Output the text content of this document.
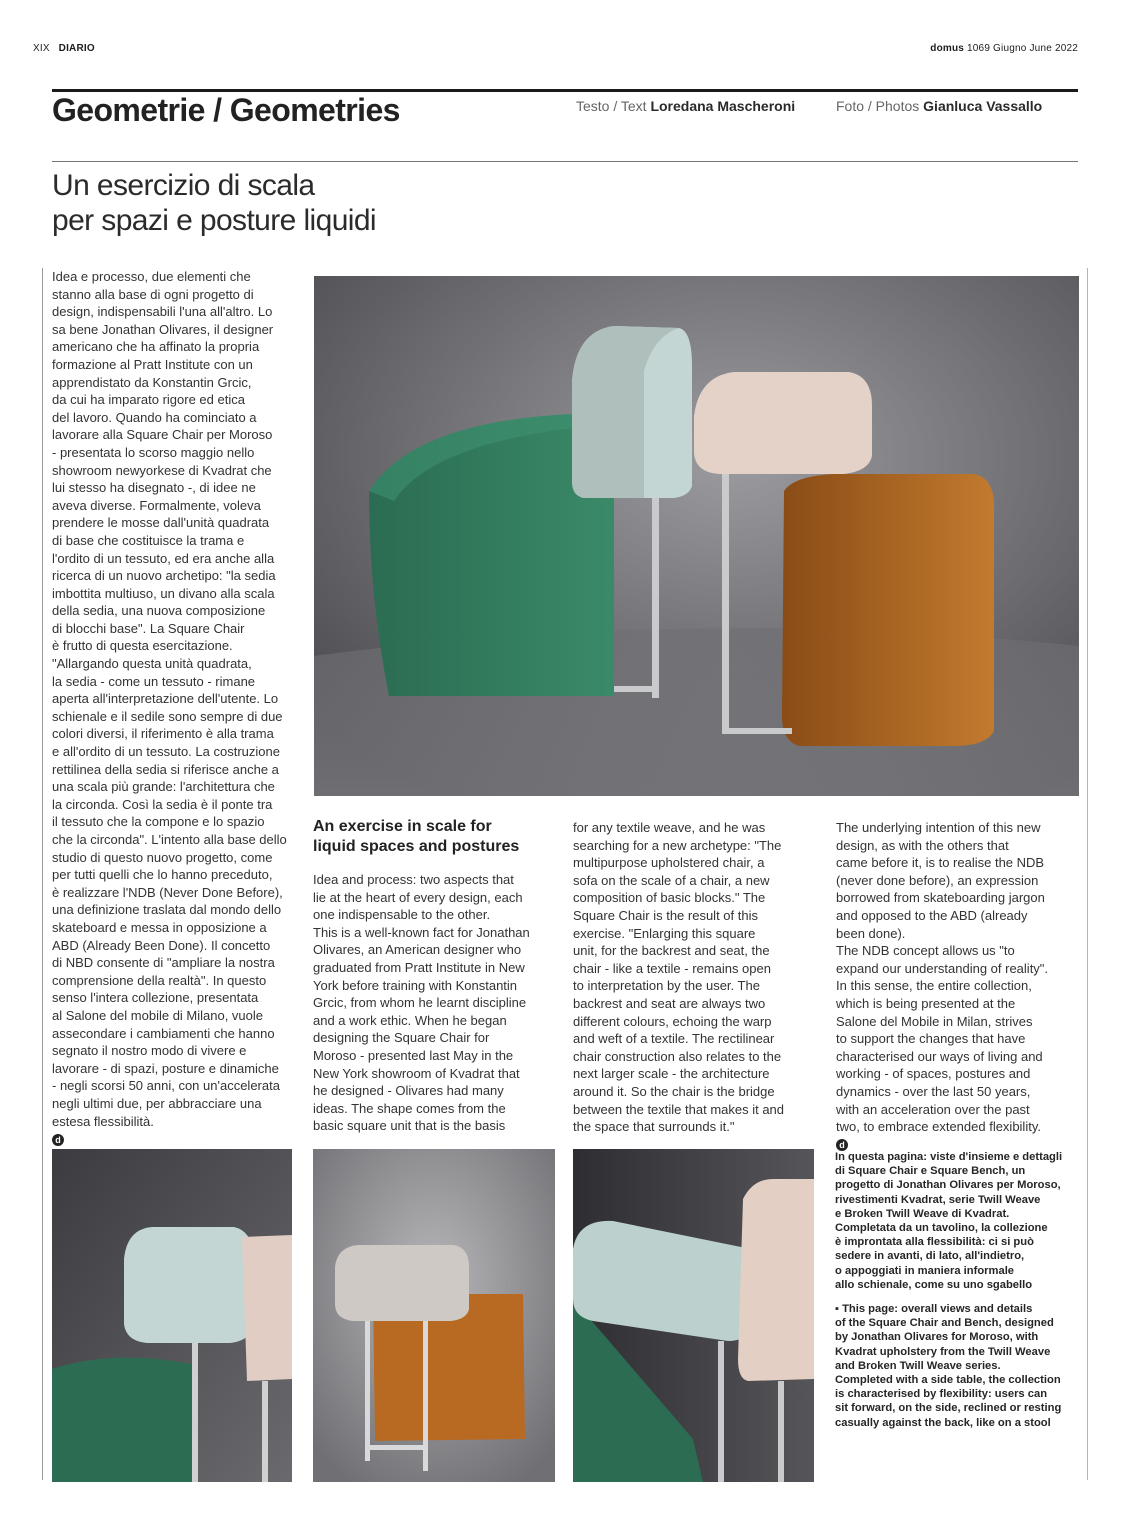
XIX DIARIO	domus 1069 Giugno June 2022
Geometrie / Geometries	Testo / Text Loredana Mascheroni	Foto / Photos Gianluca Vassallo
Un esercizio di scala
per spazi e posture liquidi

Idea e processo, due elementi che
stanno alla base di ogni progetto di
design, indispensabili l'una all'altro. Lo
sa bene Jonathan Olivares, il designer
americano che ha affinato la propria
formazione al Pratt Institute con un
apprendistato da Konstantin Grcic,
da cui ha imparato rigore ed etica
del lavoro. Quando ha cominciato a
lavorare alla Square Chair per Moroso
- presentata lo scorso maggio nello
showroom newyorkese di Kvadrat che
lui stesso ha disegnato -, di idee ne
aveva diverse. Formalmente, voleva
prendere le mosse dall'unità quadrata
di base che costituisce la trama e
l'ordito di un tessuto, ed era anche alla
ricerca di un nuovo archetipo: "la sedia
imbottita multiuso, un divano alla scala
della sedia, una nuova composizione
di blocchi base". La Square Chair
è frutto di questa esercitazione.
"Allargando questa unità quadrata,
la sedia - come un tessuto - rimane
aperta all'interpretazione dell'utente. Lo
schienale e il sedile sono sempre di due
colori diversi, il riferimento è alla trama
e all'ordito di un tessuto. La costruzione
rettilinea della sedia si riferisce anche a
una scala più grande: l'architettura che
la circonda. Così la sedia è il ponte tra
il tessuto che la compone e lo spazio
che la circonda". L'intento alla base dello
studio di questo nuovo progetto, come
per tutti quelli che lo hanno preceduto,
è realizzare l'NDB (Never Done Before),
una definizione traslata dal mondo dello
skateboard e messa in opposizione a
ABD (Already Been Done). Il concetto
di NBD consente di "ampliare la nostra
comprensione della realtà". In questo
senso l'intera collezione, presentata
al Salone del mobile di Milano, vuole
assecondare i cambiamenti che hanno
segnato il nostro modo di vivere e
lavorare - di spazi, posture e dinamiche
- negli scorsi 50 anni, con un'accelerata
negli ultimi due, per abbracciare una
estesa flessibilità.

d
An exercise in scale for
liquid spaces and postures

Idea and process: two aspects that
lie at the heart of every design, each
one indispensable to the other.
This is a well-known fact for Jonathan
Olivares, an American designer who
graduated from Pratt Institute in New
York before training with Konstantin
Grcic, from whom he learnt discipline
and a work ethic. When he began
designing the Square Chair for
Moroso - presented last May in the
New York showroom of Kvadrat that
he designed - Olivares had many
ideas. The shape comes from the
basic square unit that is the basis

for any textile weave, and he was
searching for a new archetype: "The
multipurpose upholstered chair, a
sofa on the scale of a chair, a new
composition of basic blocks." The
Square Chair is the result of this
exercise. "Enlarging this square
unit, for the backrest and seat, the
chair - like a textile - remains open
to interpretation by the user. The
backrest and seat are always two
different colours, echoing the warp
and weft of a textile. The rectilinear
chair construction also relates to the
next larger scale - the architecture
around it. So the chair is the bridge
between the textile that makes it and
the space that surrounds it."

The underlying intention of this new
design, as with the others that
came before it, is to realise the NDB
(never done before), an expression
borrowed from skateboarding jargon
and opposed to the ABD (already
been done).
The NDB concept allows us "to
expand our understanding of reality".
In this sense, the entire collection,
which is being presented at the
Salone del Mobile in Milan, strives
to support the changes that have
characterised our ways of living and
working - of spaces, postures and
dynamics - over the last 50 years,
with an acceleration over the past
two, to embrace extended flexibility.

d

In questa pagina: viste d'insieme e dettagli
di Square Chair e Square Bench, un
progetto di Jonathan Olivares per Moroso,
rivestimenti Kvadrat, serie Twill Weave
e Broken Twill Weave di Kvadrat.
Completata da un tavolino, la collezione
è improntata alla flessibilità: ci si può
sedere in avanti, di lato, all'indietro,
o appoggiati in maniera informale
allo schienale, come su uno sgabello

▪ This page: overall views and details
of the Square Chair and Bench, designed
by Jonathan Olivares for Moroso, with
Kvadrat upholstery from the Twill Weave
and Broken Twill Weave series.
Completed with a side table, the collection
is characterised by flexibility: users can
sit forward, on the side, reclined or resting
casually against the back, like on a stool
